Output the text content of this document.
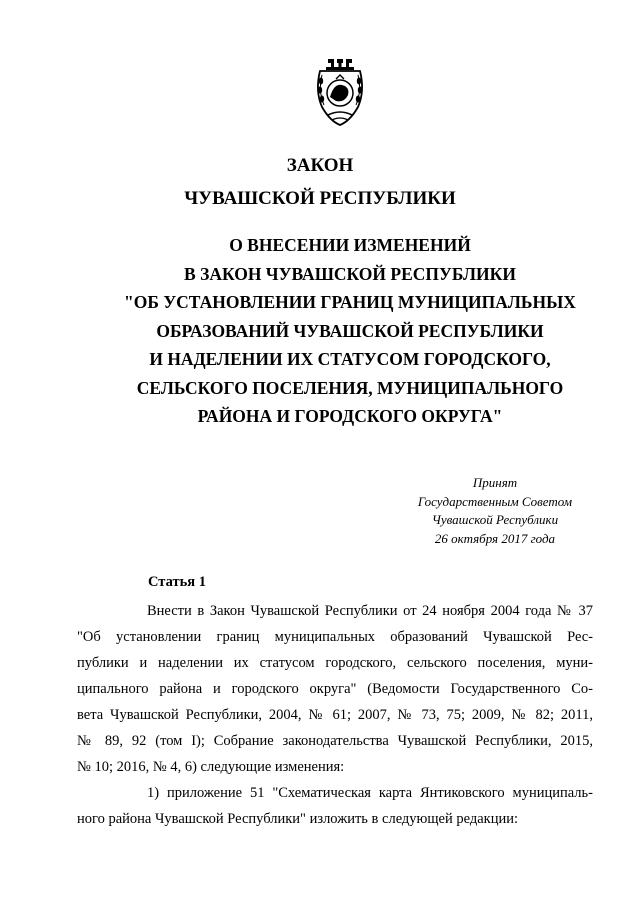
ЗАКОН
ЧУВАШСКОЙ РЕСПУБЛИКИ
О ВНЕСЕНИИ ИЗМЕНЕНИЙ
В ЗАКОН ЧУВАШСКОЙ РЕСПУБЛИКИ
"ОБ УСТАНОВЛЕНИИ ГРАНИЦ МУНИЦИПАЛЬНЫХ
ОБРАЗОВАНИЙ ЧУВАШСКОЙ РЕСПУБЛИКИ
И НАДЕЛЕНИИ ИХ СТАТУСОМ ГОРОДСКОГО,
СЕЛЬСКОГО ПОСЕЛЕНИЯ, МУНИЦИПАЛЬНОГО
РАЙОНА И ГОРОДСКОГО ОКРУГА"
Принят
Государственным Советом
Чувашской Республики
26 октября 2017 года
Статья 1
Внести в Закон Чувашской Республики от 24 ноября 2004 года № 37
"Об установлении границ муниципальных образований Чувашской Рес-
публики и наделении их статусом городского, сельского поселения, муни-
ципального района и городского округа" (Ведомости Государственного Со-
вета Чувашской Республики, 2004, № 61; 2007, № 73, 75; 2009, № 82; 2011,
№ 89, 92 (том I); Собрание законодательства Чувашской Республики, 2015,
№ 10; 2016, № 4, 6) следующие изменения:
1) приложение 51 "Схематическая карта Янтиковского муниципаль-
ного района Чувашской Республики" изложить в следующей редакции:
